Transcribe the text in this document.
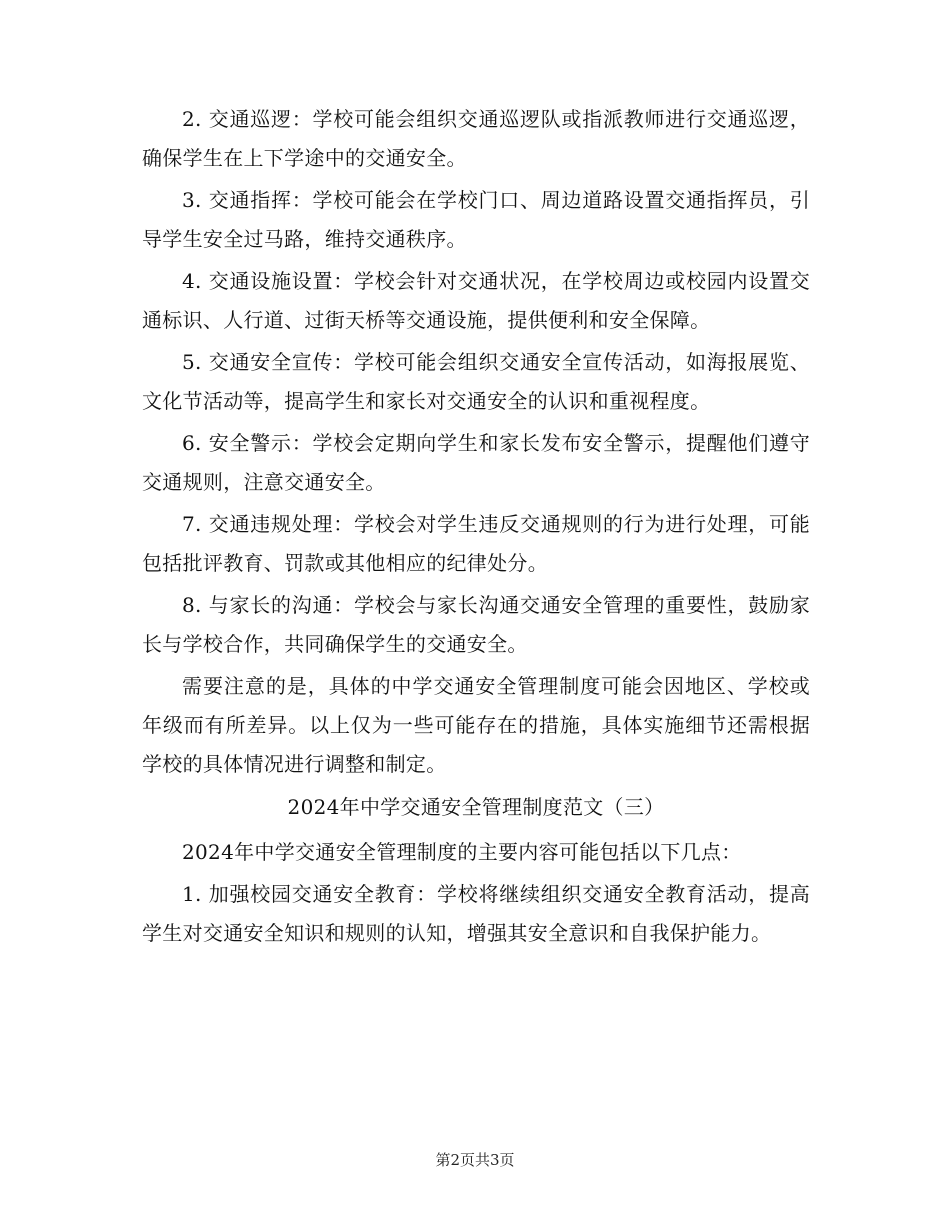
2. 交通巡逻：学校可能会组织交通巡逻队或指派教师进行交通巡逻，确保学生在上下学途中的交通安全。

3. 交通指挥：学校可能会在学校门口、周边道路设置交通指挥员，引导学生安全过马路，维持交通秩序。

4. 交通设施设置：学校会针对交通状况，在学校周边或校园内设置交通标识、人行道、过街天桥等交通设施，提供便利和安全保障。

5. 交通安全宣传：学校可能会组织交通安全宣传活动，如海报展览、文化节活动等，提高学生和家长对交通安全的认识和重视程度。

6. 安全警示：学校会定期向学生和家长发布安全警示，提醒他们遵守交通规则，注意交通安全。

7. 交通违规处理：学校会对学生违反交通规则的行为进行处理，可能包括批评教育、罚款或其他相应的纪律处分。

8. 与家长的沟通：学校会与家长沟通交通安全管理的重要性，鼓励家长与学校合作，共同确保学生的交通安全。

需要注意的是，具体的中学交通安全管理制度可能会因地区、学校或年级而有所差异。以上仅为一些可能存在的措施，具体实施细节还需根据学校的具体情况进行调整和制定。

2024年中学交通安全管理制度范文（三）

2024年中学交通安全管理制度的主要内容可能包括以下几点：

1. 加强校园交通安全教育：学校将继续组织交通安全教育活动，提高学生对交通安全知识和规则的认知，增强其安全意识和自我保护能力。

第2页共3页
